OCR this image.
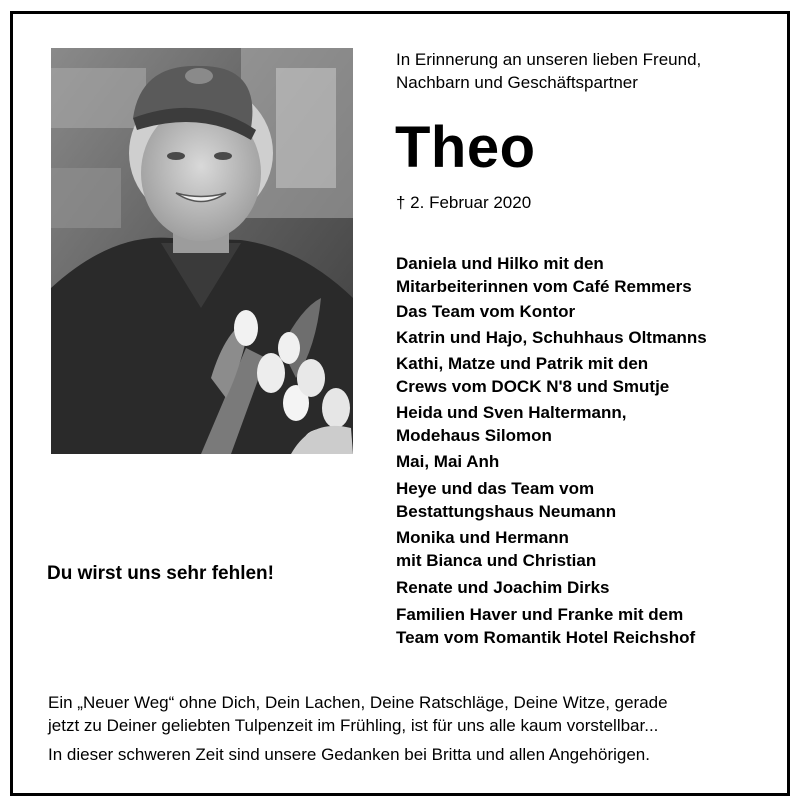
In Erinnerung an unseren lieben Freund,
Nachbarn und Geschäftspartner
Theo
† 2. Februar 2020
Daniela und Hilko mit den
Mitarbeiterinnen vom Café Remmers
Das Team vom Kontor
Katrin und Hajo, Schuhhaus Oltmanns
Kathi, Matze und Patrik mit den
Crews vom DOCK N'8 und Smutje
Heida und Sven Haltermann,
Modehaus Silomon
Mai, Mai Anh
Heye und das Team vom
Bestattungshaus Neumann
Monika und Hermann
mit Bianca und Christian
Renate und Joachim Dirks
Familien Haver und Franke mit dem
Team vom Romantik Hotel Reichshof
Du wirst uns sehr fehlen!
Ein „Neuer Weg“ ohne Dich, Dein Lachen, Deine Ratschläge, Deine Witze, gerade
jetzt zu Deiner geliebten Tulpenzeit im Frühling, ist für uns alle kaum vorstellbar...
In dieser schweren Zeit sind unsere Gedanken bei Britta und allen Angehörigen.
